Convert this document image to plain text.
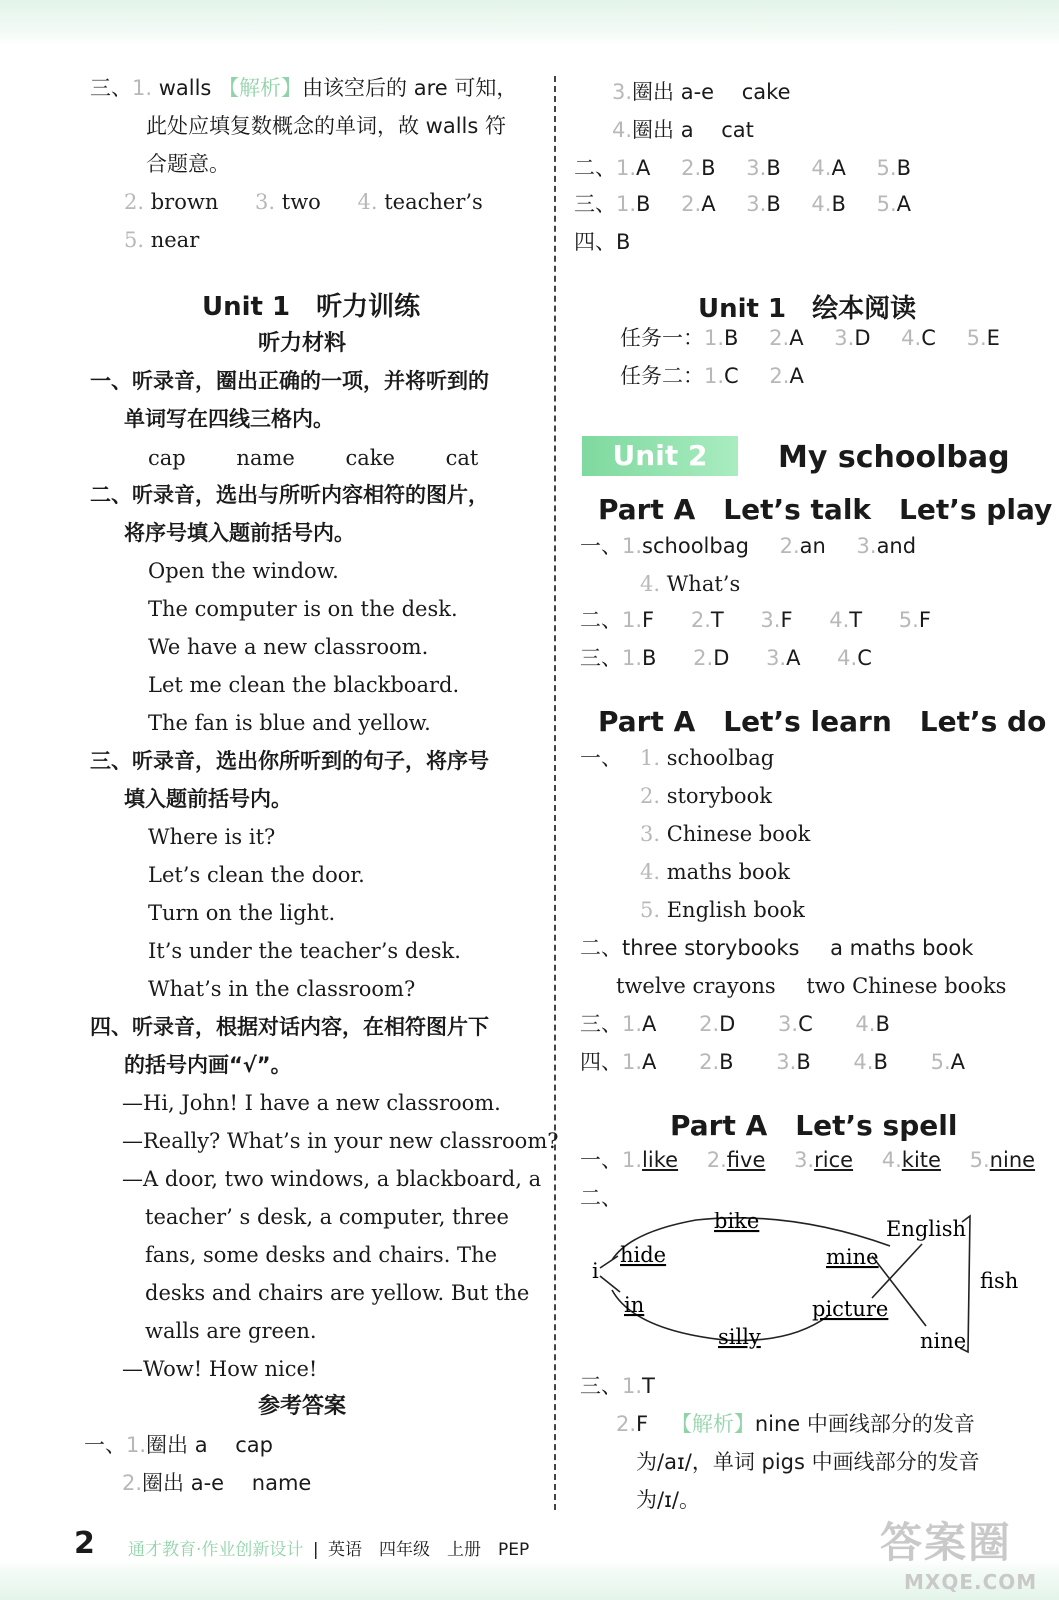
三、1. walls 【解析】由该空后的 are 可知，
此处应填复数概念的单词，故 walls 符
合题意。
2. brown 3. two 4. teacher’s
5. near
Unit 1　听力训练
听力材料
一、听录音，圈出正确的一项，并将听到的
单词写在四线三格内。
cap name cake cat
二、听录音，选出与所听内容相符的图片，
将序号填入题前括号内。
Open the window.
The computer is on the desk.
We have a new classroom.
Let me clean the blackboard.
The fan is blue and yellow.
三、听录音，选出你所听到的句子，将序号
填入题前括号内。
Where is it?
Let’s clean the door.
Turn on the light.
It’s under the teacher’s desk.
What’s in the classroom?
四、听录音，根据对话内容，在相符图片下
的括号内画“√”。
—Hi, John! I have a new classroom.
—Really? What’s in your new classroom?
—A door, two windows, a blackboard, a
teacher’ s desk, a computer, three
fans, some desks and chairs. The
desks and chairs are yellow. But the
walls are green.
—Wow! How nice!
参考答案
一、1.圈出 a　 cap
2.圈出 a-e　 name
3.圈出 a-e　 cake
4.圈出 a　 cat
二、1.A 2.B 3.B 4.A 5.B
三、1.B 2.A 3.B 4.B 5.A
四、B
Unit 1　绘本阅读
任务一：1.B 2.A 3.D 4.C 5.E
任务二：1.C 2.A
Unit 2	My schoolbag
Part A　Let’s talk　Let’s play
一、1.schoolbag 2.an 3.and
4. What’s
二、1.F 2.T 3.F 4.T 5.F
三、1.B 2.D 3.A 4.C
Part A　Let’s learn　Let’s do
一、 1. schoolbag
2. storybook
3. Chinese book
4. maths book
5. English book
二、three storybooks a maths book
twelve crayons two Chinese books
三、1.A 2.D 3.C 4.B
四、1.A 2.B 3.B 4.B 5.A
Part A　Let’s spell
一、1.like 2.five 3.rice 4.kite 5.nine
二、
i
bike
hide	mine
in	picture
silly
English
fish
nine
三、1.T
2.F 【解析】nine 中画线部分的发音
为/aɪ/，单词 pigs 中画线部分的发音
为/ɪ/。
2 通才教育·作业创新设计 | 英语　四年级　上册　PEP	答案圈
MXQE.COM
